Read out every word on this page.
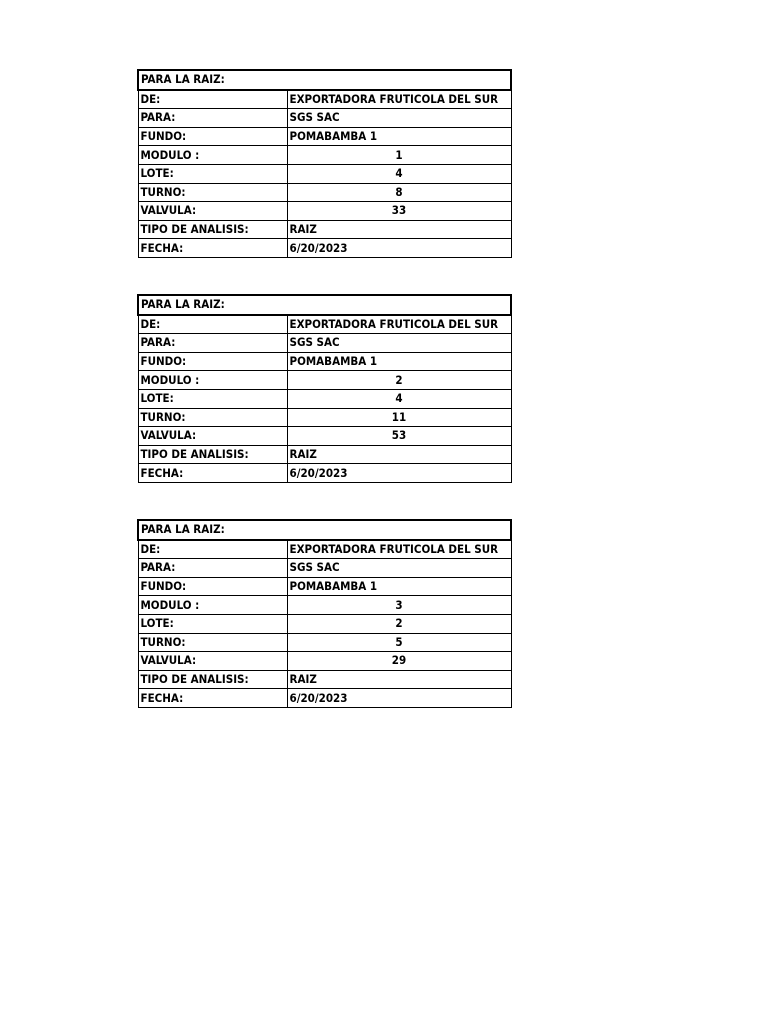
PARA LA RAIZ:	
DE:	EXPORTADORA FRUTICOLA DEL SUR
PARA:	SGS SAC
FUNDO:	POMABAMBA 1
MODULO :	1
LOTE:	4
TURNO:	8
VALVULA:	33
TIPO DE ANALISIS:	RAIZ
FECHA:	6/20/2023
PARA LA RAIZ:	
DE:	EXPORTADORA FRUTICOLA DEL SUR
PARA:	SGS SAC
FUNDO:	POMABAMBA 1
MODULO :	2
LOTE:	4
TURNO:	11
VALVULA:	53
TIPO DE ANALISIS:	RAIZ
FECHA:	6/20/2023
PARA LA RAIZ:	
DE:	EXPORTADORA FRUTICOLA DEL SUR
PARA:	SGS SAC
FUNDO:	POMABAMBA 1
MODULO :	3
LOTE:	2
TURNO:	5
VALVULA:	29
TIPO DE ANALISIS:	RAIZ
FECHA:	6/20/2023
